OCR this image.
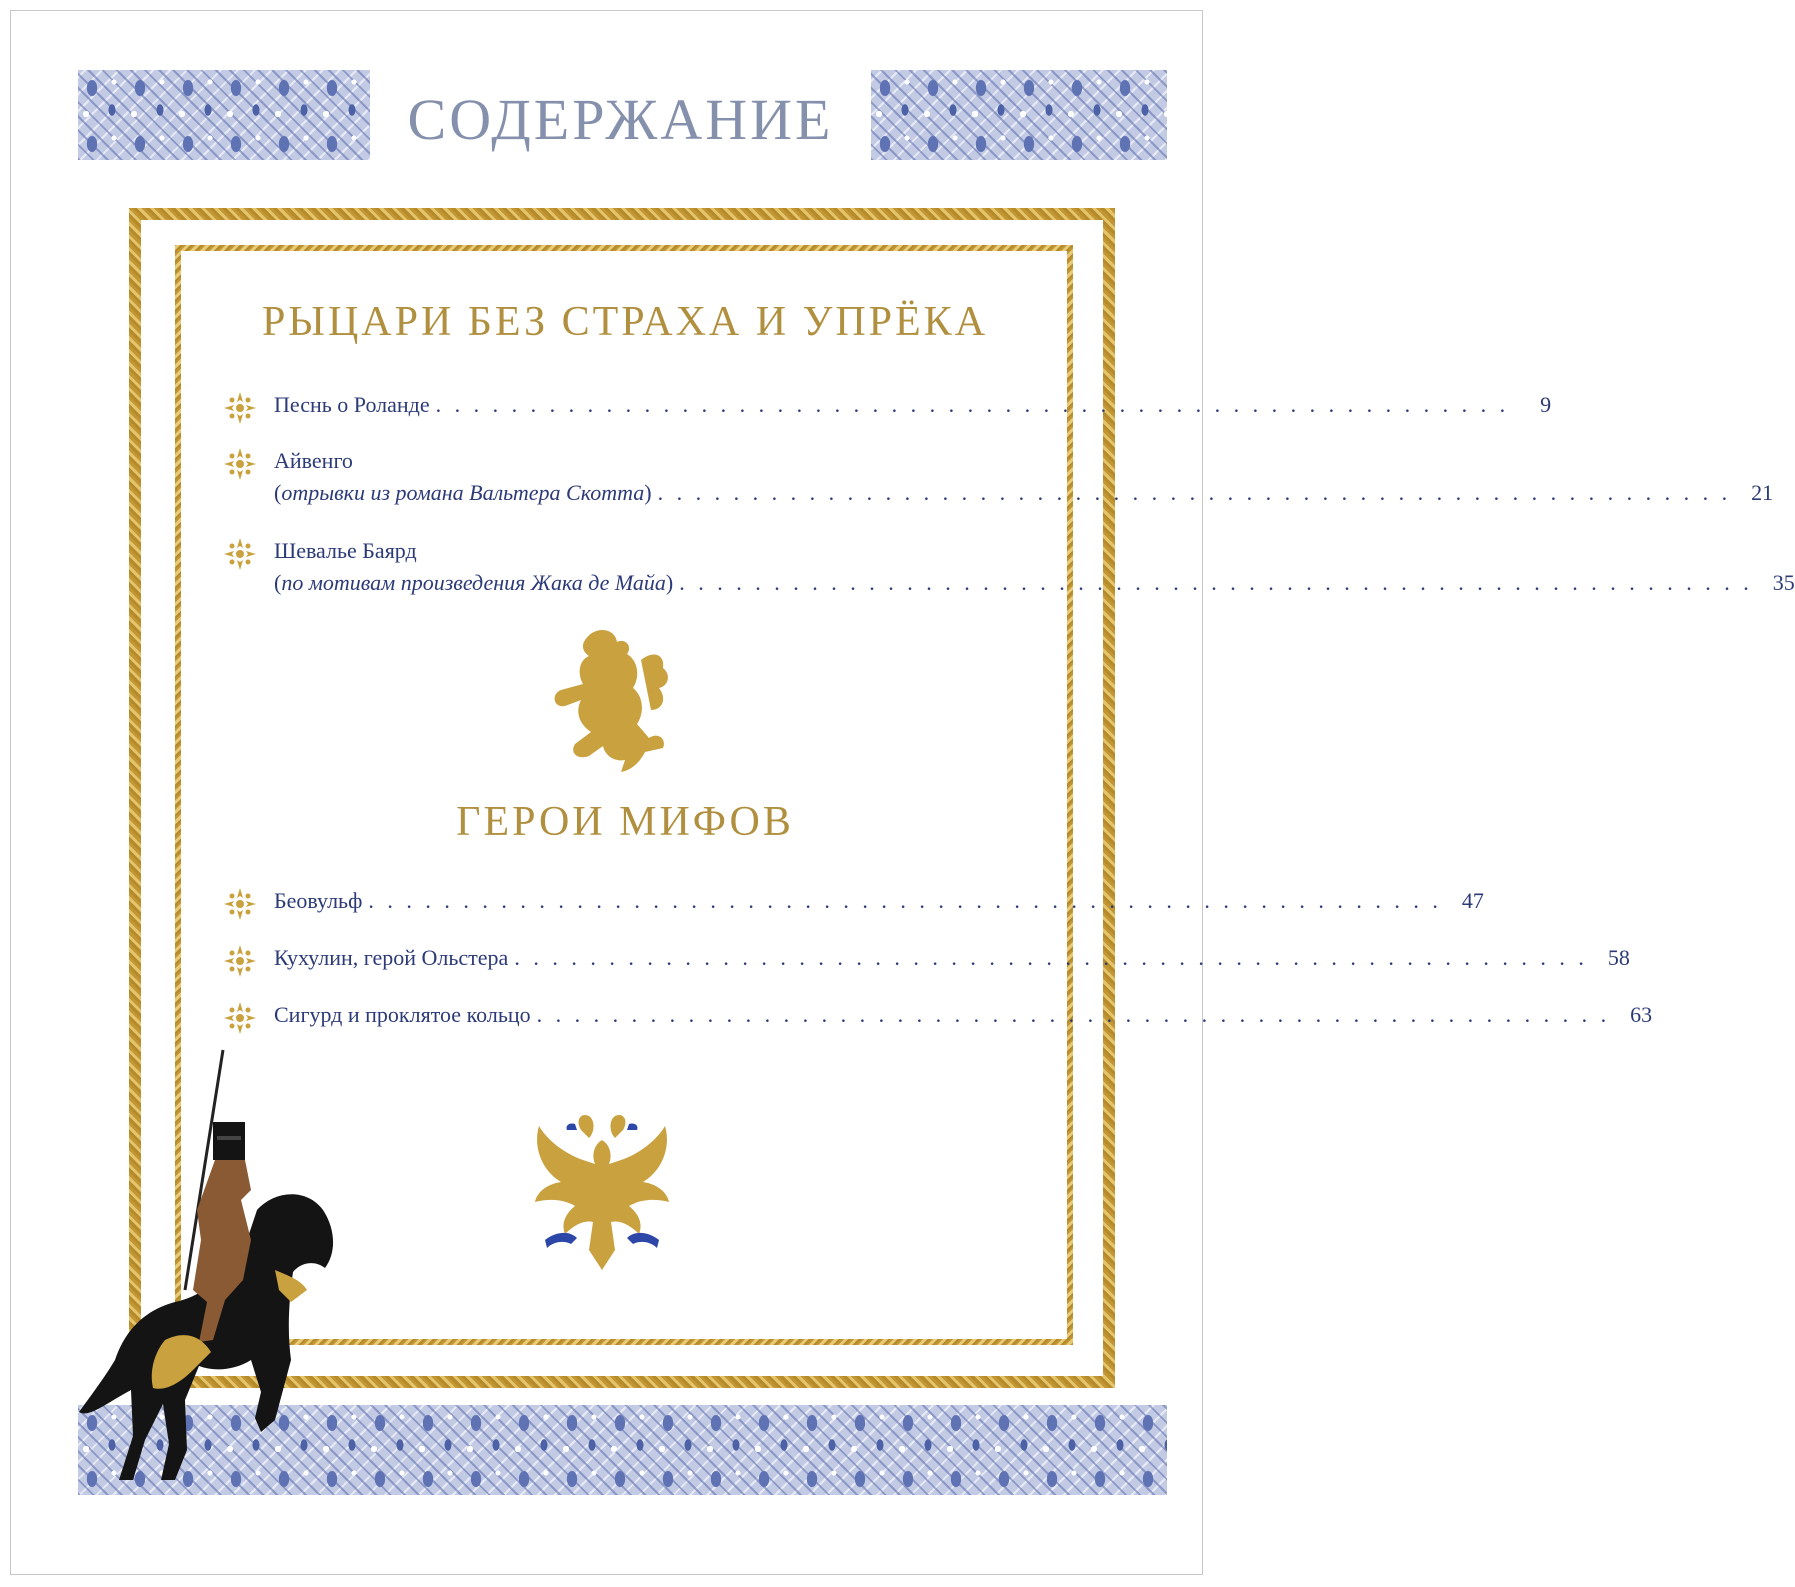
СОДЕРЖАНИЕ
РЫЦАРИ БЕЗ СТРАХА И УПРЁКА
Песнь о Роланде . . . . . . . . . . . . . . . . . . . . . . . . . . . . . . . . . . . . . . . . . . . . . . . . . . . . . . . . .	9
Айвенго
( отрывки из романа Вальтера Скотта ) . . . . . . . . . . . . . . . . . . . . . . . . . . . . . . . . . . . . . . . . . . . . . . . . . . . . . . . . . 21
Шевалье Баярд
( по мотивам произведения Жака де Майа ) . . . . . . . . . . . . . . . . . . . . . . . . . . . . . . . . . . . . . . . . . . . . . . . . . . . . . . . . . 35
ГЕРОИ МИФОВ
Беовульф . . . . . . . . . . . . . . . . . . . . . . . . . . . . . . . . . . . . . . . . . . . . . . . . . . . . . . . . . 47
Кухулин, герой Ольстера . . . . . . . . . . . . . . . . . . . . . . . . . . . . . . . . . . . . . . . . . . . . . . . . . . . . . . . . . 58
Сигурд и проклятое кольцо . . . . . . . . . . . . . . . . . . . . . . . . . . . . . . . . . . . . . . . . . . . . . . . . . . . . . . . . . 63
